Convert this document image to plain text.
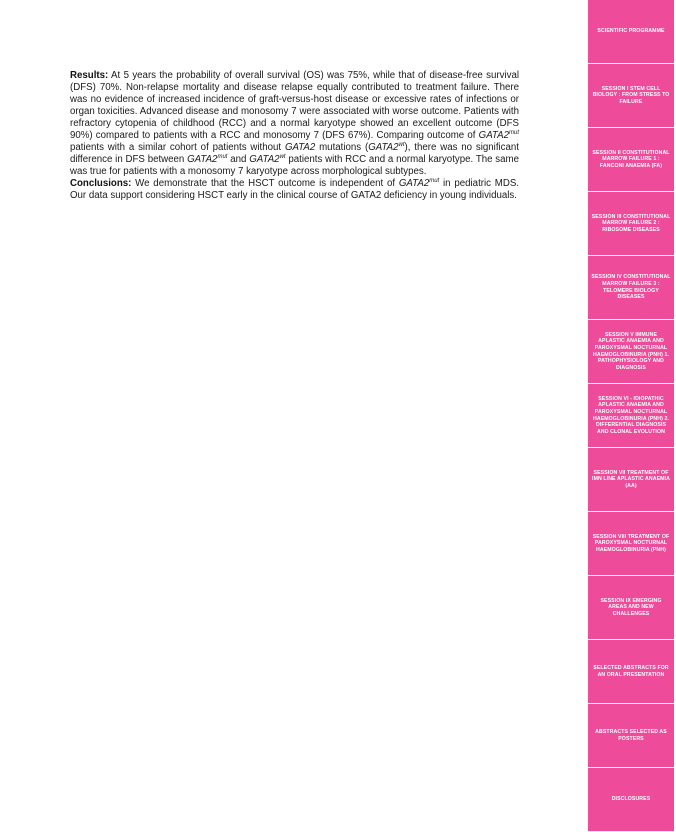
Results: At 5 years the probability of overall survival (OS) was 75%, while that of disease-free survival (DFS) 70%. Non-relapse mortality and disease relapse equally contributed to treatment failure. There was no evidence of increased incidence of graft-versus-host disease or excessive rates of infections or organ toxicities. Advanced disease and monosomy 7 were associated with worse outcome. Patients with refractory cytopenia of childhood (RCC) and a normal karyotype showed an excellent outcome (DFS 90%) compared to patients with a RCC and monosomy 7 (DFS 67%). Comparing outcome of $GATA2^{mut}$ patients with a similar cohort of patients without GATA2 mutations $(GATA2^{wt})$, there was no significant difference in DFS between $GATA2^{mut}$ and $GATA2^{wt}$ patients with RCC and a normal karyotype. The same was true for patients with a monosomy 7 karyotype across morphological subtypes.

Conclusions: We demonstrate that the HSCT outcome is independent of $GATA2^{mut}$ in pediatric MDS. Our data support considering HSCT early in the clinical course of GATA2 deficiency in young individuals.

SCIENTIFIC PROGRAMME
SESSION I STEM CELL BIOLOGY : FROM STRESS TO FAILURE
SESSION II CONSTITUTIONAL MARROW FAILURE 1 : FANCONI ANAEMIA (FA)
SESSION III CONSTITUTIONAL MARROW FAILURE 2 : RIBOSOME DISEASES
SESSION IV CONSTITUTIONAL MARROW FAILURE 3 : TELOMERE BIOLOGY DISEASES
SESSION V IMMUNE APLASTIC ANAEMIA AND PAROXYSMAL NOCTURNAL HAEMOGLOBINURIA (PNH) 1. PATHOPHYSIOLOGY AND DIAGNOSIS
SESSION VI - IDIOPATHIC APLASTIC ANAEMIA AND PAROXYSMAL NOCTURNAL HAEMOGLOBINURIA (PNH) 2. DIFFERENTIAL DIAGNOSIS AND CLONAL EVOLUTION
SESSION VII TREATMENT OF IMN LINE APLASTIC ANAEMIA (AA)
SESSION VIII TREATMENT OF PAROXYSMAL NOCTURNAL HAEMOGLOBINURIA (PNH)
SESSION IX EMERGING AREAS AND NEW CHALLENGES
SELECTED ABSTRACTS FOR AN ORAL PRESENTATION
ABSTRACTS SELECTED AS POSTERS
DISCLOSURES
